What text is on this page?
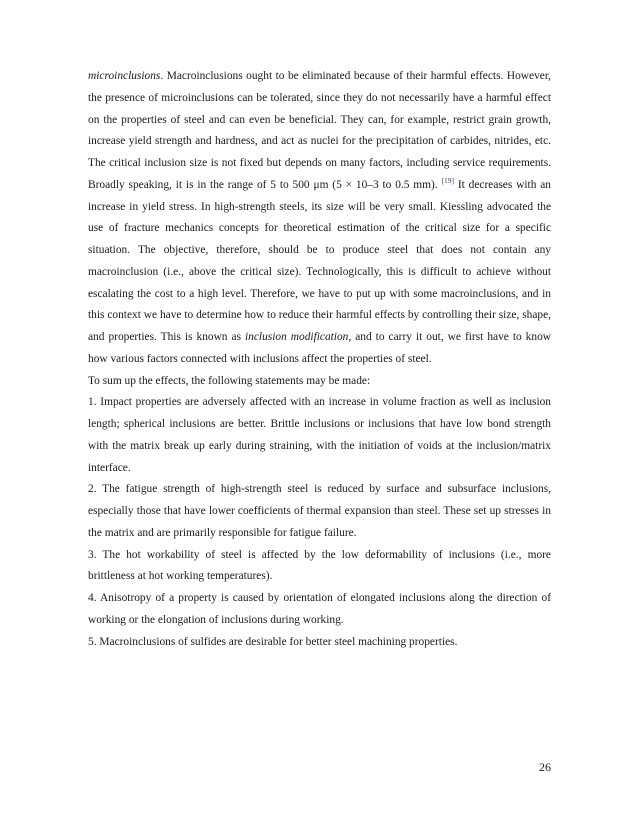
microinclusions. Macroinclusions ought to be eliminated because of their harmful effects. However, the presence of microinclusions can be tolerated, since they do not necessarily have a harmful effect on the properties of steel and can even be beneficial. They can, for example, restrict grain growth, increase yield strength and hardness, and act as nuclei for the precipitation of carbides, nitrides, etc. The critical inclusion size is not fixed but depends on many factors, including service requirements. Broadly speaking, it is in the range of 5 to 500 μm (5 × 10–3 to 0.5 mm). [19] It decreases with an increase in yield stress. In high-strength steels, its size will be very small. Kiessling advocated the use of fracture mechanics concepts for theoretical estimation of the critical size for a specific situation. The objective, therefore, should be to produce steel that does not contain any macroinclusion (i.e., above the critical size). Technologically, this is difficult to achieve without escalating the cost to a high level. Therefore, we have to put up with some macroinclusions, and in this context we have to determine how to reduce their harmful effects by controlling their size, shape, and properties. This is known as inclusion modification, and to carry it out, we first have to know how various factors connected with inclusions affect the properties of steel.

To sum up the effects, the following statements may be made:

1. Impact properties are adversely affected with an increase in volume fraction as well as inclusion length; spherical inclusions are better. Brittle inclusions or inclusions that have low bond strength with the matrix break up early during straining, with the initiation of voids at the inclusion/matrix interface.

2. The fatigue strength of high-strength steel is reduced by surface and subsurface inclusions, especially those that have lower coefficients of thermal expansion than steel. These set up stresses in the matrix and are primarily responsible for fatigue failure.

3. The hot workability of steel is affected by the low deformability of inclusions (i.e., more brittleness at hot working temperatures).

4. Anisotropy of a property is caused by orientation of elongated inclusions along the direction of working or the elongation of inclusions during working.

5. Macroinclusions of sulfides are desirable for better steel machining properties.

26
